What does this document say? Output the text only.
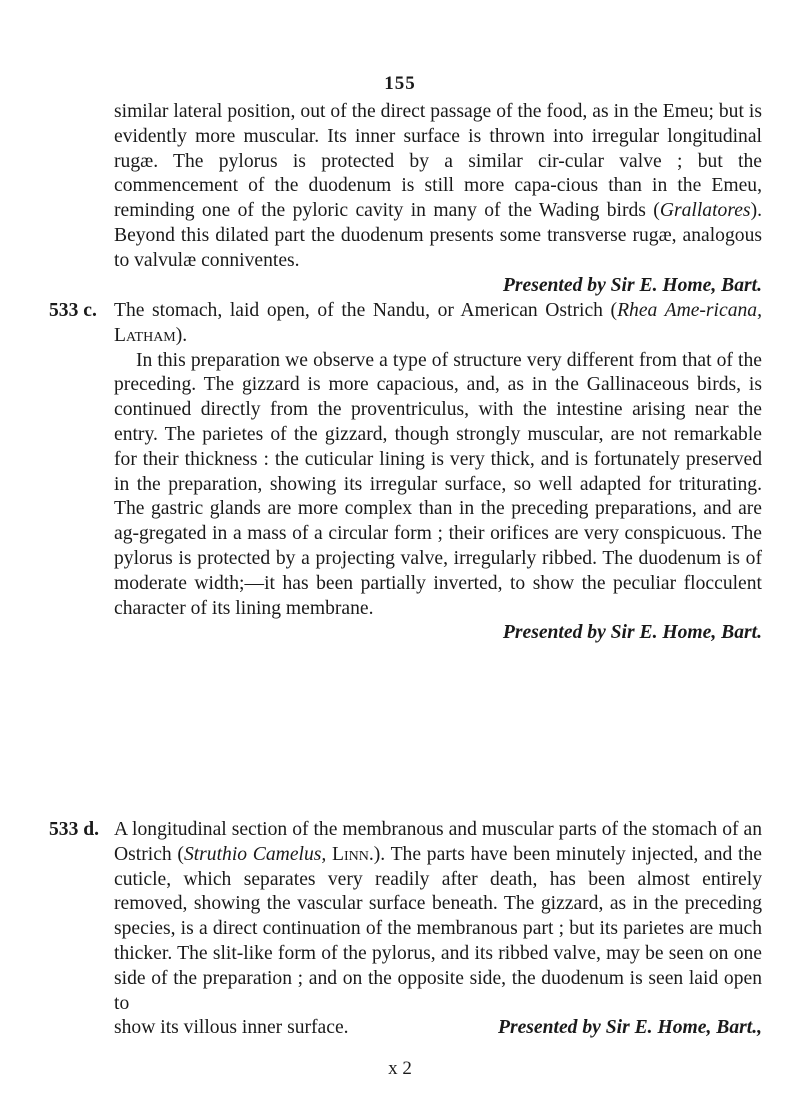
155

similar lateral position, out of the direct passage of the food, as in the Emeu; but is evidently more muscular. Its inner surface is thrown into irregular longitudinal rugæ. The pylorus is protected by a similar cir-cular valve ; but the commencement of the duodenum is still more capa-cious than in the Emeu, reminding one of the pyloric cavity in many of the Wading birds (Grallatores). Beyond this dilated part the duodenum presents some transverse rugæ, analogous to valvulæ conniventes.

Presented by Sir E. Home, Bart.

533 c. The stomach, laid open, of the Nandu, or American Ostrich (Rhea Ame-ricana, Latham).

In this preparation we observe a type of structure very different from that of the preceding. The gizzard is more capacious, and, as in the Gallinaceous birds, is continued directly from the proventriculus, with the intestine arising near the entry. The parietes of the gizzard, though strongly muscular, are not remarkable for their thickness : the cuticular lining is very thick, and is fortunately preserved in the preparation, showing its irregular surface, so well adapted for triturating. The gastric glands are more complex than in the preceding preparations, and are ag-gregated in a mass of a circular form ; their orifices are very conspicuous. The pylorus is protected by a projecting valve, irregularly ribbed. The duodenum is of moderate width;—it has been partially inverted, to show the peculiar flocculent character of its lining membrane.

Presented by Sir E. Home, Bart.

533 d. A longitudinal section of the membranous and muscular parts of the stomach of an Ostrich (Struthio Camelus, Linn.). The parts have been minutely injected, and the cuticle, which separates very readily after death, has been almost entirely removed, showing the vascular surface beneath. The gizzard, as in the preceding species, is a direct continuation of the membranous part ; but its parietes are much thicker. The slit-like form of the pylorus, and its ribbed valve, may be seen on one side of the preparation ; and on the opposite side, the duodenum is seen laid open to

show its villous inner surface.	Presented by Sir E. Home, Bart.,

x 2
